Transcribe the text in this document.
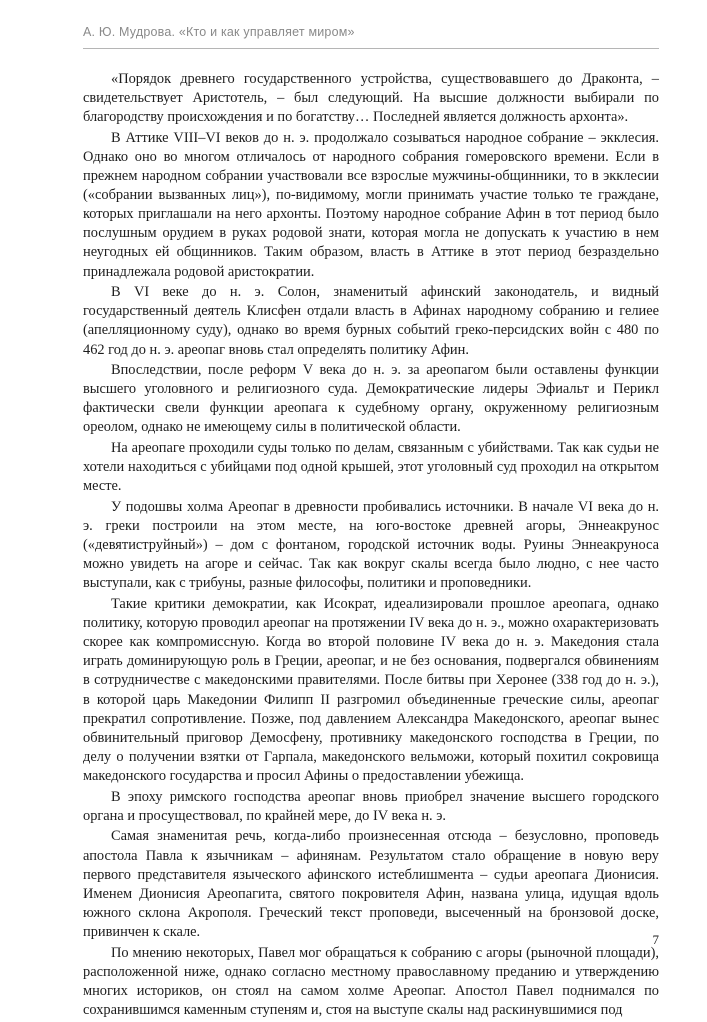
А. Ю. Мудрова. «Кто и как управляет миром»

«Порядок древнего государственного устройства, существовавшего до Драконта, – свидетельствует Аристотель, – был следующий. На высшие должности выбирали по благородству происхождения и по богатству… Последней является должность архонта».

В Аттике VIII–VI веков до н. э. продолжало созываться народное собрание – экклесия. Однако оно во многом отличалось от народного собрания гомеровского времени. Если в прежнем народном собрании участвовали все взрослые мужчины-общинники, то в экклесии («собрании вызванных лиц»), по-видимому, могли принимать участие только те граждане, которых приглашали на него архонты. Поэтому народное собрание Афин в тот период было послушным орудием в руках родовой знати, которая могла не допускать к участию в нем неугодных ей общинников. Таким образом, власть в Аттике в этот период безраздельно принадлежала родовой аристократии.

В VI веке до н. э. Солон, знаменитый афинский законодатель, и видный государственный деятель Клисфен отдали власть в Афинах народному собранию и гелиее (апелляционному суду), однако во время бурных событий греко-персидских войн с 480 по 462 год до н. э. ареопаг вновь стал определять политику Афин.

Впоследствии, после реформ V века до н. э. за ареопагом были оставлены функции высшего уголовного и религиозного суда. Демократические лидеры Эфиальт и Перикл фактически свели функции ареопага к судебному органу, окруженному религиозным ореолом, однако не имеющему силы в политической области.

На ареопаге проходили суды только по делам, связанным с убийствами. Так как судьи не хотели находиться с убийцами под одной крышей, этот уголовный суд проходил на открытом месте.

У подошвы холма Ареопаг в древности пробивались источники. В начале VI века до н. э. греки построили на этом месте, на юго-востоке древней агоры, Эннеакрунос («девятиструйный») – дом с фонтаном, городской источник воды. Руины Эннеакруноса можно увидеть на агоре и сейчас. Так как вокруг скалы всегда было людно, с нее часто выступали, как с трибуны, разные философы, политики и проповедники.

Такие критики демократии, как Исократ, идеализировали прошлое ареопага, однако политику, которую проводил ареопаг на протяжении IV века до н. э., можно охарактеризовать скорее как компромиссную. Когда во второй половине IV века до н. э. Македония стала играть доминирующую роль в Греции, ареопаг, и не без основания, подвергался обвинениям в сотрудничестве с македонскими правителями. После битвы при Херонее (338 год до н. э.), в которой царь Македонии Филипп II разгромил объединенные греческие силы, ареопаг прекратил сопротивление. Позже, под давлением Александра Македонского, ареопаг вынес обвинительный приговор Демосфену, противнику македонского господства в Греции, по делу о получении взятки от Гарпала, македонского вельможи, который похитил сокровища македонского государства и просил Афины о предоставлении убежища.

В эпоху римского господства ареопаг вновь приобрел значение высшего городского органа и просуществовал, по крайней мере, до IV века н. э.

Самая знаменитая речь, когда-либо произнесенная отсюда – безусловно, проповедь апостола Павла к язычникам – афинянам. Результатом стало обращение в новую веру первого представителя языческого афинского истеблишмента – судьи ареопага Дионисия. Именем Дионисия Ареопагита, святого покровителя Афин, названа улица, идущая вдоль южного склона Акрополя. Греческий текст проповеди, высеченный на бронзовой доске, привинчен к скале.

По мнению некоторых, Павел мог обращаться к собранию с агоры (рыночной площади), расположенной ниже, однако согласно местному православному преданию и утверждению многих историков, он стоял на самом холме Ареопаг. Апостол Павел поднимался по сохранившимся каменным ступеням и, стоя на выступе скалы над раскинувшимися под

7
